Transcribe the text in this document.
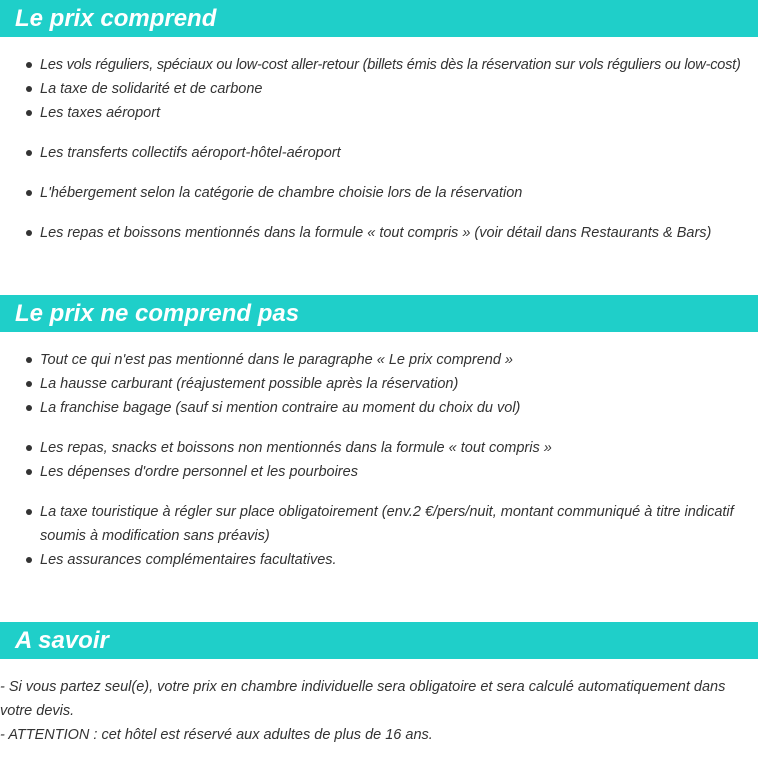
Le prix comprend
Les vols réguliers, spéciaux ou low-cost aller-retour (billets émis dès la réservation sur vols réguliers ou low-cost)
La taxe de solidarité et de carbone
Les taxes aéroport
Les transferts collectifs aéroport-hôtel-aéroport
L'hébergement selon la catégorie de chambre choisie lors de la réservation
Les repas et boissons mentionnés dans la formule « tout compris » (voir détail dans Restaurants & Bars)
Le prix ne comprend pas
Tout ce qui n'est pas mentionné dans le paragraphe « Le prix comprend »
La hausse carburant (réajustement possible après la réservation)
La franchise bagage (sauf si mention contraire au moment du choix du vol)
Les repas, snacks et boissons non mentionnés dans la formule « tout compris »
Les dépenses d'ordre personnel et les pourboires
La taxe touristique à régler sur place obligatoirement (env.2 €/pers/nuit, montant communiqué à titre indicatif soumis à modification sans préavis)
Les assurances complémentaires facultatives.
A savoir
- Si vous partez seul(e), votre prix en chambre individuelle sera obligatoire et sera calculé automatiquement dans votre devis.
- ATTENTION : cet hôtel est réservé aux adultes de plus de 16 ans.
